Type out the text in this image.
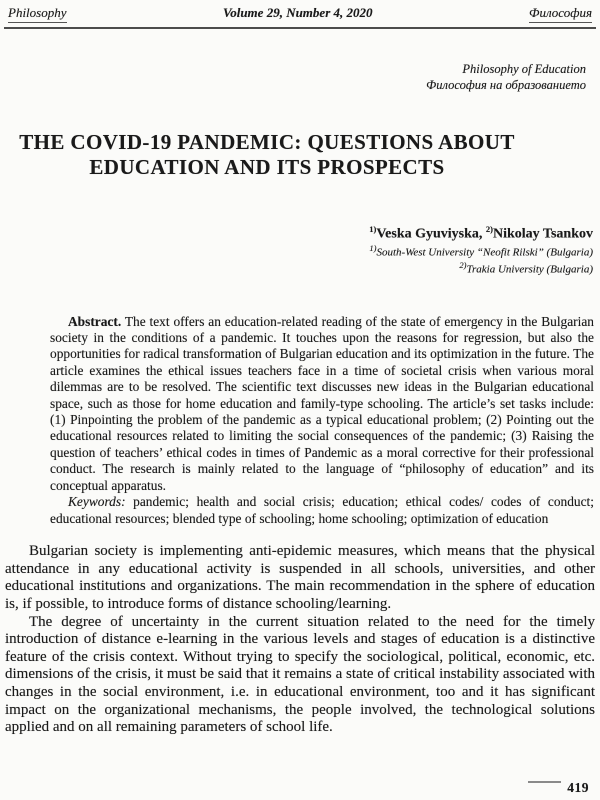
Philosophy	Volume 29, Number 4, 2020	Философия
Philosophy of Education
Философия на образованието
THE COVID-19 PANDEMIC: QUESTIONS ABOUT EDUCATION AND ITS PROSPECTS
$^{1)}$Veska Gyuviyska, $^{2)}$Nikolay Tsankov
$^{1)}$South-West University “Neofit Rilski” (Bulgaria)
$^{2)}$Trakia University (Bulgaria)

Abstract. The text offers an education-related reading of the state of emergency in the Bulgarian society in the conditions of a pandemic. It touches upon the reasons for regression, but also the opportunities for radical transformation of Bulgarian education and its optimization in the future. The article examines the ethical issues teachers face in a time of societal crisis when various moral dilemmas are to be resolved. The scientific text discusses new ideas in the Bulgarian educational space, such as those for home education and family-type schooling. The article’s set tasks include: (1) Pinpointing the problem of the pandemic as a typical educational problem; (2) Pointing out the educational resources related to limiting the social consequences of the pandemic; (3) Raising the question of teachers’ ethical codes in times of Pandemic as a moral corrective for their professional conduct. The research is mainly related to the language of “philosophy of education” and its conceptual apparatus.

Keywords: pandemic; health and social crisis; education; ethical codes/ codes of conduct; educational resources; blended type of schooling; home schooling; optimization of education

Bulgarian society is implementing anti-epidemic measures, which means that the physical attendance in any educational activity is suspended in all schools, universities, and other educational institutions and organizations. The main recommendation in the sphere of education is, if possible, to introduce forms of distance schooling/learning.

The degree of uncertainty in the current situation related to the need for the timely introduction of distance e-learning in the various levels and stages of education is a distinctive feature of the crisis context. Without trying to specify the sociological, political, economic, etc. dimensions of the crisis, it must be said that it remains a state of critical instability associated with changes in the social environment, i.e. in educational environment, too and it has significant impact on the organizational mechanisms, the people involved, the technological solutions applied and on all remaining parameters of school life.

419
